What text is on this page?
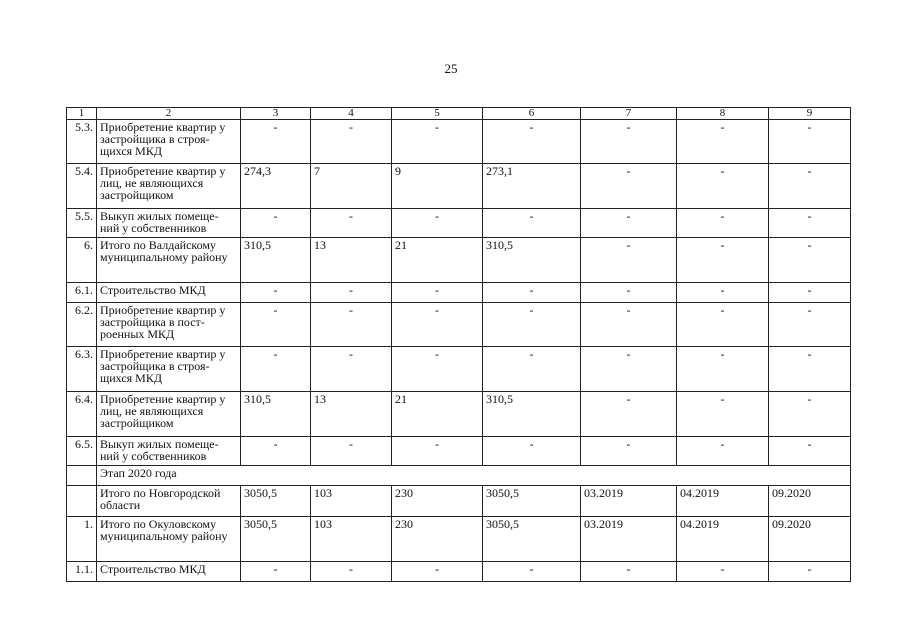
25
1	2	3	4	5	6	7	8	9
5.3.	Приобретение квартир у застройщика в строя-щихся МКД	-	-	-	-	-	-	-
5.4.	Приобретение квартир у лиц, не являющихся застройщиком	274,3	7	9	273,1	-	-	-
5.5.	Выкуп жилых помеще-ний у собственников	-	-	-	-	-	-	-
6.	Итого по Валдайскому муниципальному району	310,5	13	21	310,5	-	-	-
6.1.	Строительство МКД	-	-	-	-	-	-	-
6.2.	Приобретение квартир у застройщика в пост-роенных МКД	-	-	-	-	-	-	-
6.3.	Приобретение квартир у застройщика в строя-щихся МКД	-	-	-	-	-	-	-
6.4.	Приобретение квартир у лиц, не являющихся застройщиком	310,5	13	21	310,5	-	-	-
6.5.	Выкуп жилых помеще-ний у собственников	-	-	-	-	-	-	-
	Этап 2020 года							
	Итого по Новгородской области	3050,5	103	230	3050,5	03.2019	04.2019	09.2020
1.	Итого по Окуловскому муниципальному району	3050,5	103	230	3050,5	03.2019	04.2019	09.2020
1.1.	Строительство МКД	-	-	-	-	-	-	-
